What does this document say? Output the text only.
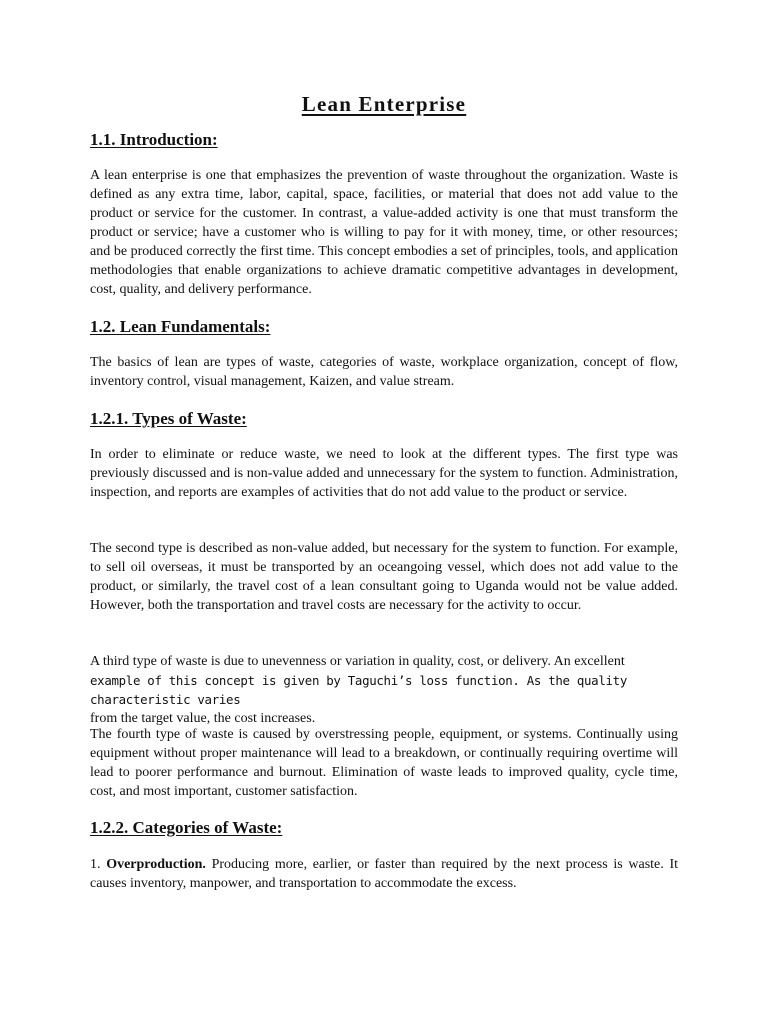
Lean Enterprise
1.1. Introduction:

A lean enterprise is one that emphasizes the prevention of waste throughout the organization. Waste is defined as any extra time, labor, capital, space, facilities, or material that does not add value to the product or service for the customer. In contrast, a value-added activity is one that must transform the product or service; have a customer who is willing to pay for it with money, time, or other resources; and be produced correctly the first time. This concept embodies a set of principles, tools, and application methodologies that enable organizations to achieve dramatic competitive advantages in development, cost, quality, and delivery performance.

1.2. Lean Fundamentals:

The basics of lean are types of waste, categories of waste, workplace organization, concept of flow, inventory control, visual management, Kaizen, and value stream.

1.2.1. Types of Waste:

In order to eliminate or reduce waste, we need to look at the different types. The first type was previously discussed and is non-value added and unnecessary for the system to function. Administration, inspection, and reports are examples of activities that do not add value to the product or service.

The second type is described as non-value added, but necessary for the system to function. For example, to sell oil overseas, it must be transported by an oceangoing vessel, which does not add value to the product, or similarly, the travel cost of a lean consultant going to Uganda would not be value added. However, both the transportation and travel costs are necessary for the activity to occur.

A third type of waste is due to unevenness or variation in quality, cost, or delivery. An excellent
example of this concept is given by Taguchi’s loss function. As the quality characteristic varies
from the target value, the cost increases.

The fourth type of waste is caused by overstressing people, equipment, or systems. Continually using equipment without proper maintenance will lead to a breakdown, or continually requiring overtime will lead to poorer performance and burnout. Elimination of waste leads to improved quality, cycle time, cost, and most important, customer satisfaction.

1.2.2. Categories of Waste:

1. Overproduction. Producing more, earlier, or faster than required by the next process is waste. It causes inventory, manpower, and transportation to accommodate the excess.
